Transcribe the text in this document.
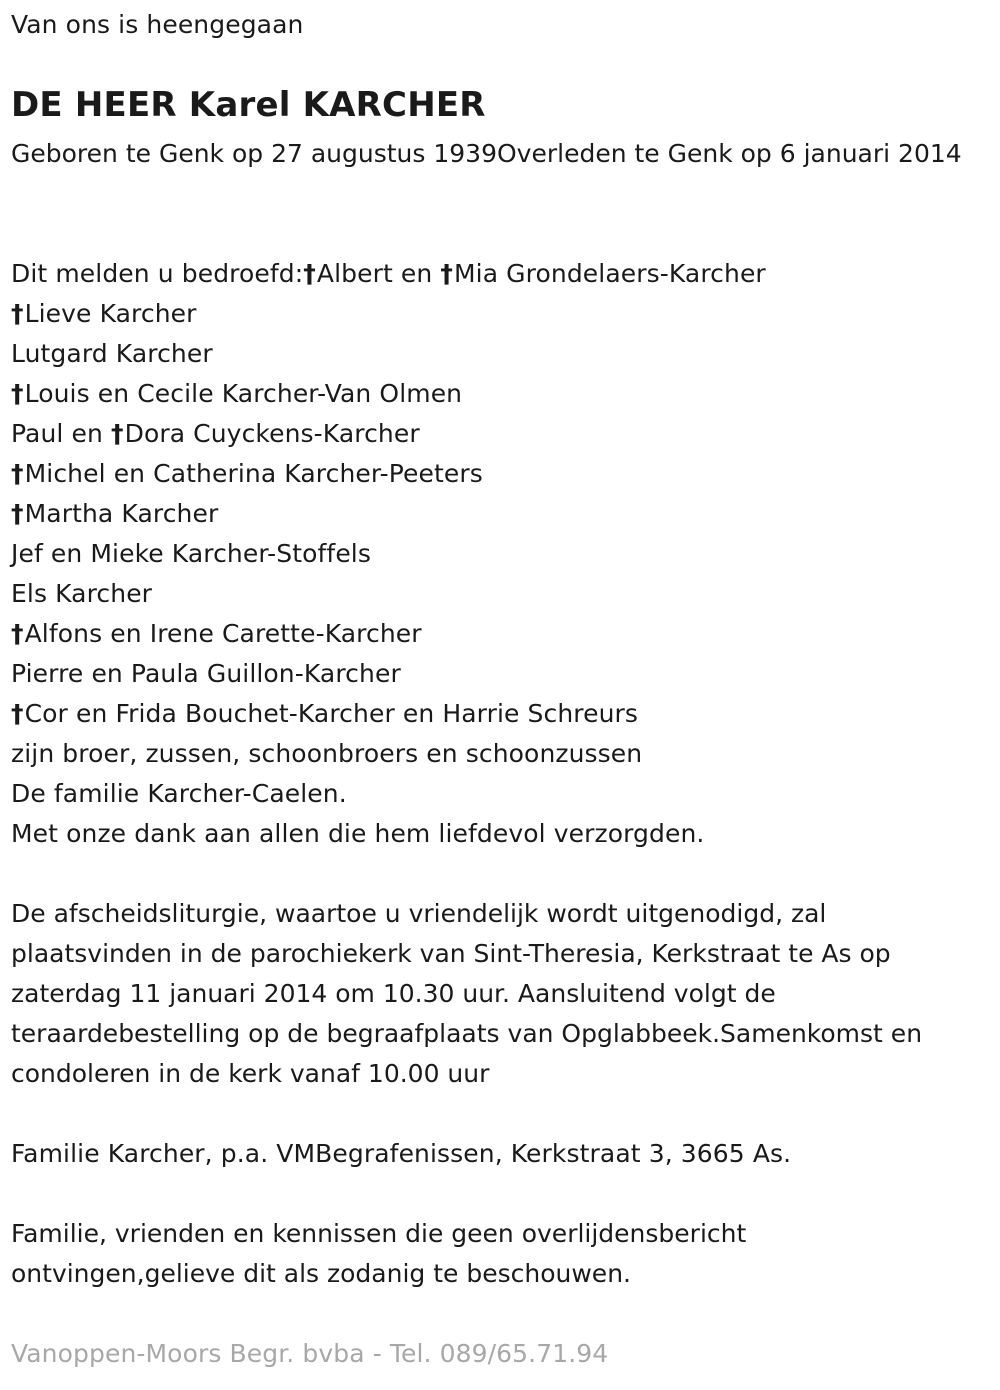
Van ons is heengegaan
DE HEER Karel KARCHER
Geboren te Genk op 27 augustus 1939Overleden te Genk op 6 januari 2014
Dit melden u bedroefd:†Albert en †Mia Grondelaers-Karcher
†Lieve Karcher
Lutgard Karcher
†Louis en Cecile Karcher-Van Olmen
Paul en †Dora Cuyckens-Karcher
†Michel en Catherina Karcher-Peeters
†Martha Karcher
Jef en Mieke Karcher-Stoffels
Els Karcher
†Alfons en Irene Carette-Karcher
Pierre en Paula Guillon-Karcher
†Cor en Frida Bouchet-Karcher en Harrie Schreurs
zijn broer, zussen, schoonbroers en schoonzussen
De familie Karcher-Caelen.
Met onze dank aan allen die hem liefdevol verzorgden.
De afscheidsliturgie, waartoe u vriendelijk wordt uitgenodigd, zal plaatsvinden in de parochiekerk van Sint-Theresia, Kerkstraat te As op zaterdag 11 januari 2014 om 10.30 uur. Aansluitend volgt de teraardebestelling op de begraafplaats van Opglabbeek.Samenkomst en condoleren in de kerk vanaf 10.00 uur
Familie Karcher, p.a. VMBegrafenissen, Kerkstraat 3, 3665 As.
Familie, vrienden en kennissen die geen overlijdensbericht ontvingen,gelieve dit als zodanig te beschouwen.
Vanoppen-Moors Begr. bvba - Tel. 089/65.71.94
